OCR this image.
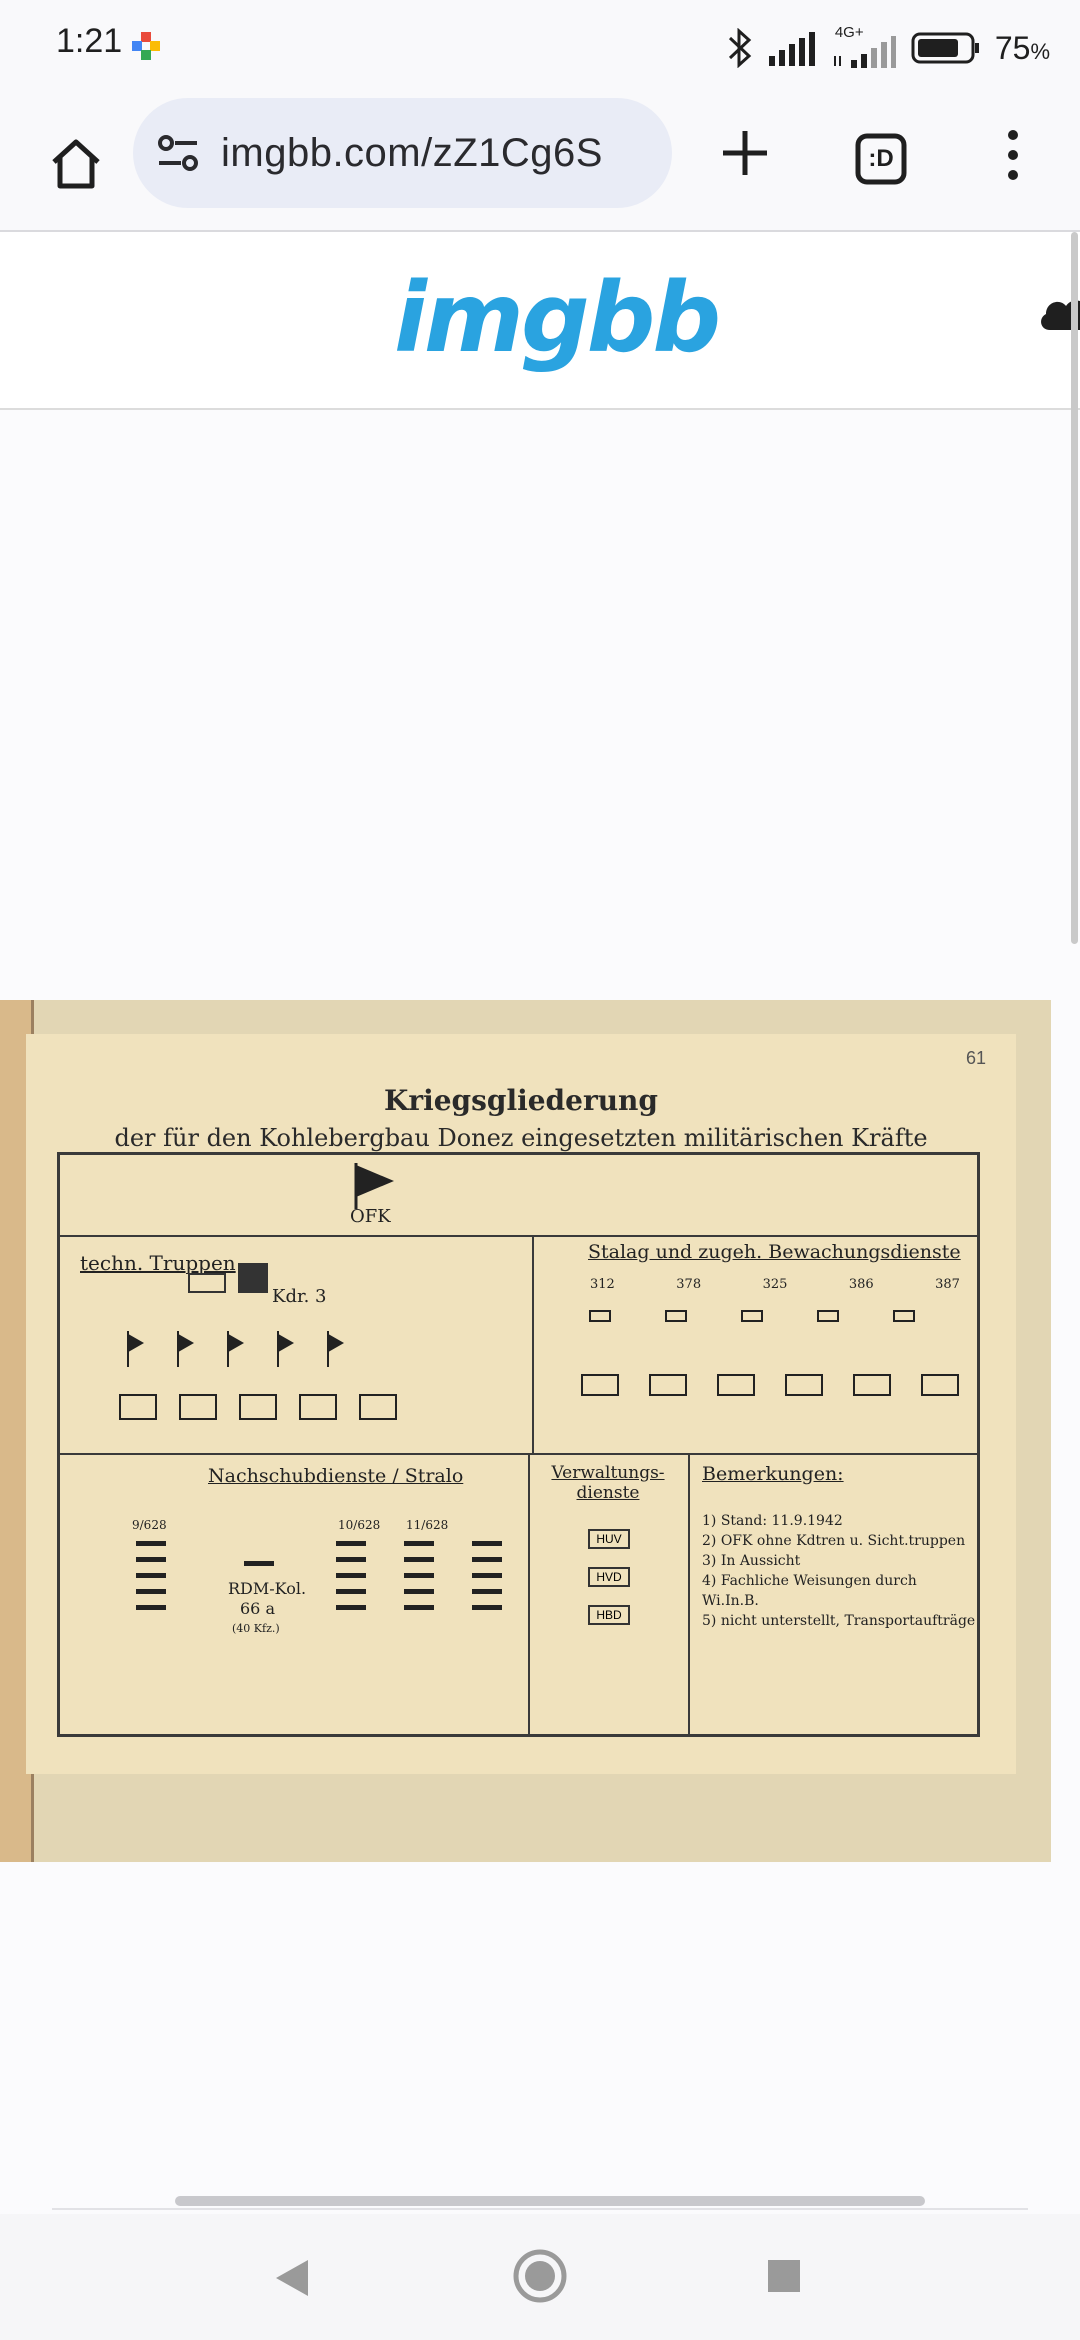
1:21	4G+	75%
imgbb.com/zZ1Cg6S	:D
imgbb
61
Kriegsgliederung
der für den Kohlebergbau Donez eingesetzten militärischen Kräfte
OFK
techn. Truppen
Kdr. 3
Stalag und zugeh. Bewachungsdienste
312	378	325	386	387
Nachschubdienste / Stralo
9/628	10/628 11/628
RDM-Kol.
66 a
(40 Kfz.)
Verwaltungs-dienste
HUV
HVD
HBD
Bemerkungen:
1) Stand: 11.9.1942
2) OFK ohne Kdtren u. Sicht.truppen
3) In Aussicht
4) Fachliche Weisungen durch Wi.In.B.
5) nicht unterstellt, Transportaufträge
